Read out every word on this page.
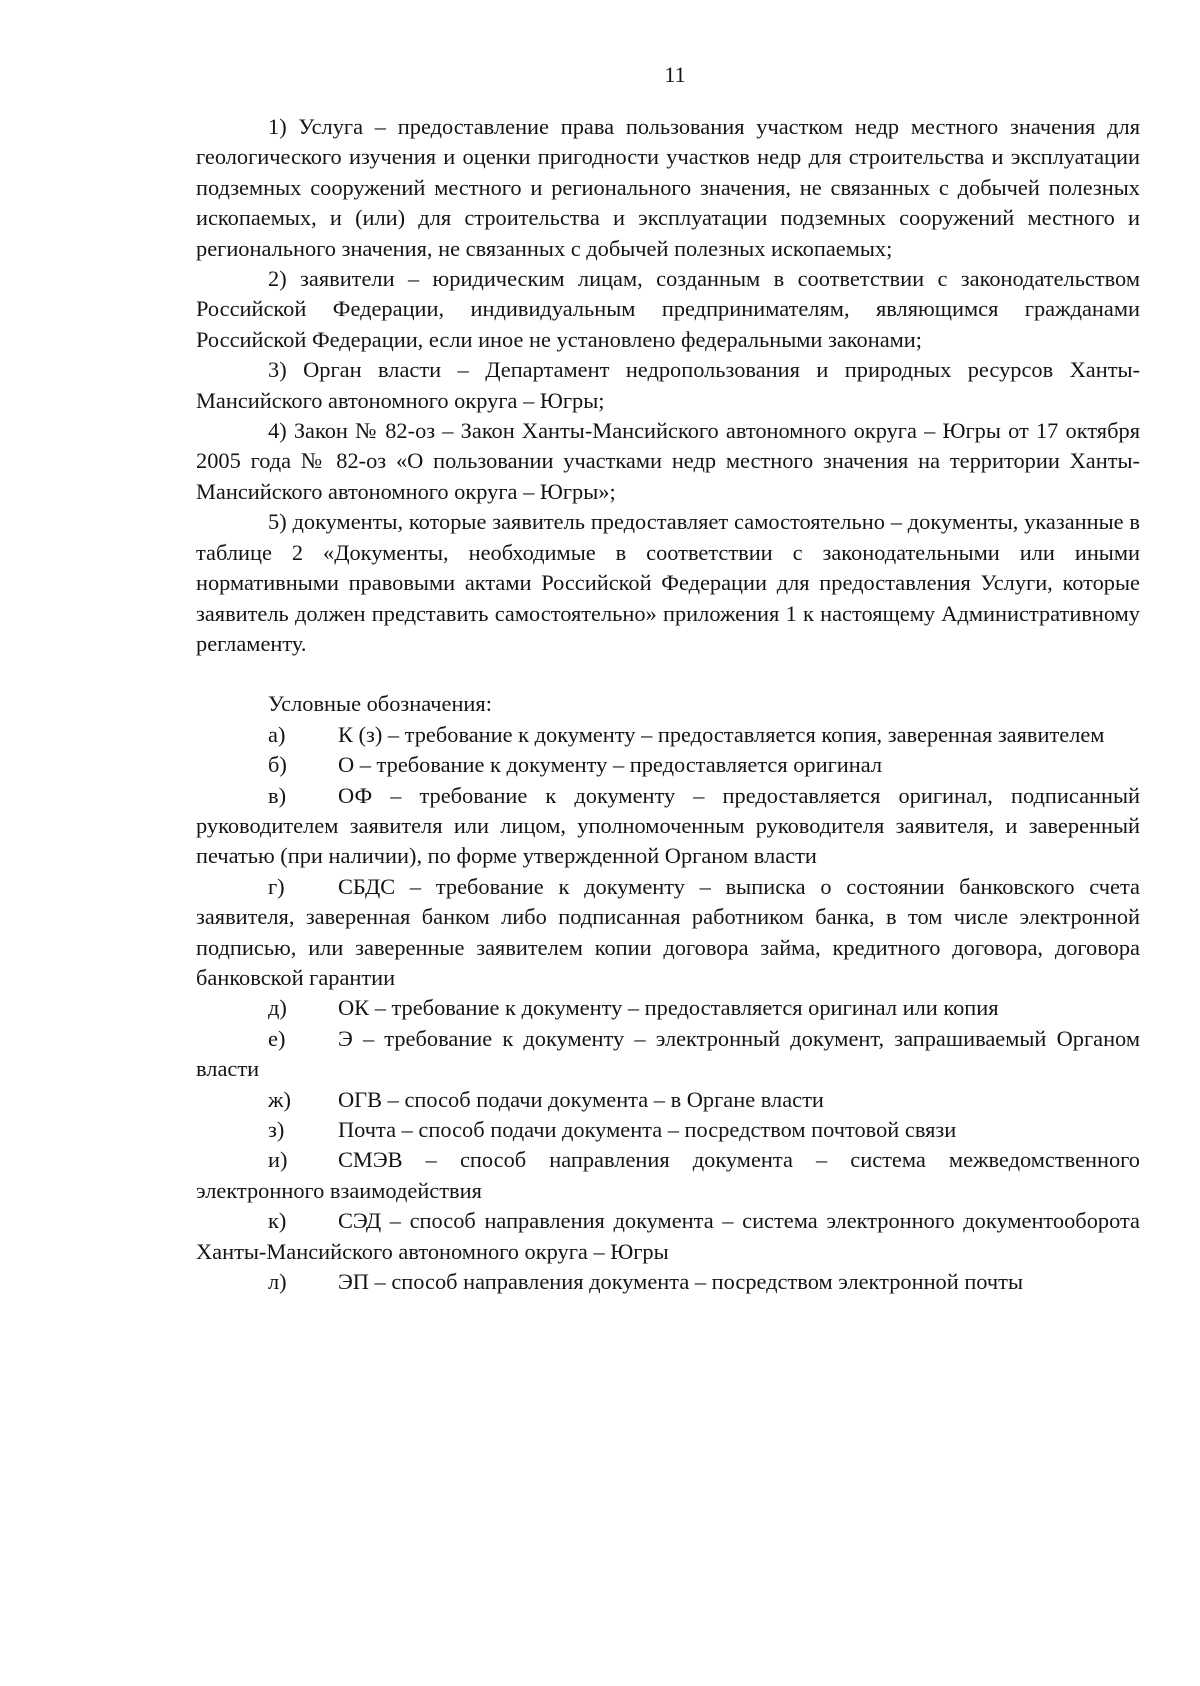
11

1) Услуга – предоставление права пользования участком недр местного значения для геологического изучения и оценки пригодности участков недр для строительства и эксплуатации подземных сооружений местного и регионального значения, не связанных с добычей полезных ископаемых, и (или) для строительства и эксплуатации подземных сооружений местного и регионального значения, не связанных с добычей полезных ископаемых;

2) заявители – юридическим лицам, созданным в соответствии с законодательством Российской Федерации, индивидуальным предпринимателям, являющимся гражданами Российской Федерации, если иное не установлено федеральными законами;

3) Орган власти – Департамент недропользования и природных ресурсов Ханты-Мансийского автономного округа – Югры;

4) Закон № 82-оз – Закон Ханты-Мансийского автономного округа – Югры от 17 октября 2005 года № 82-оз «О пользовании участками недр местного значения на территории Ханты-Мансийского автономного округа – Югры»;

5) документы, которые заявитель предоставляет самостоятельно – документы, указанные в таблице 2 «Документы, необходимые в соответствии с законодательными или иными нормативными правовыми актами Российской Федерации для предоставления Услуги, которые заявитель должен представить самостоятельно» приложения 1 к настоящему Административному регламенту.

Условные обозначения:

а) К (з) – требование к документу – предоставляется копия, заверенная заявителем

б) О – требование к документу – предоставляется оригинал

в) ОФ – требование к документу – предоставляется оригинал, подписанный руководителем заявителя или лицом, уполномоченным руководителя заявителя, и заверенный печатью (при наличии), по форме утвержденной Органом власти

г) СБДС – требование к документу – выписка о состоянии банковского счета заявителя, заверенная банком либо подписанная работником банка, в том числе электронной подписью, или заверенные заявителем копии договора займа, кредитного договора, договора банковской гарантии

д) ОК – требование к документу – предоставляется оригинал или копия

е) Э – требование к документу – электронный документ, запрашиваемый Органом власти

ж) ОГВ – способ подачи документа – в Органе власти

з) Почта – способ подачи документа – посредством почтовой связи

и) СМЭВ – способ направления документа – система межведомственного электронного взаимодействия

к) СЭД – способ направления документа – система электронного документооборота Ханты-Мансийского автономного округа – Югры

л) ЭП – способ направления документа – посредством электронной почты
